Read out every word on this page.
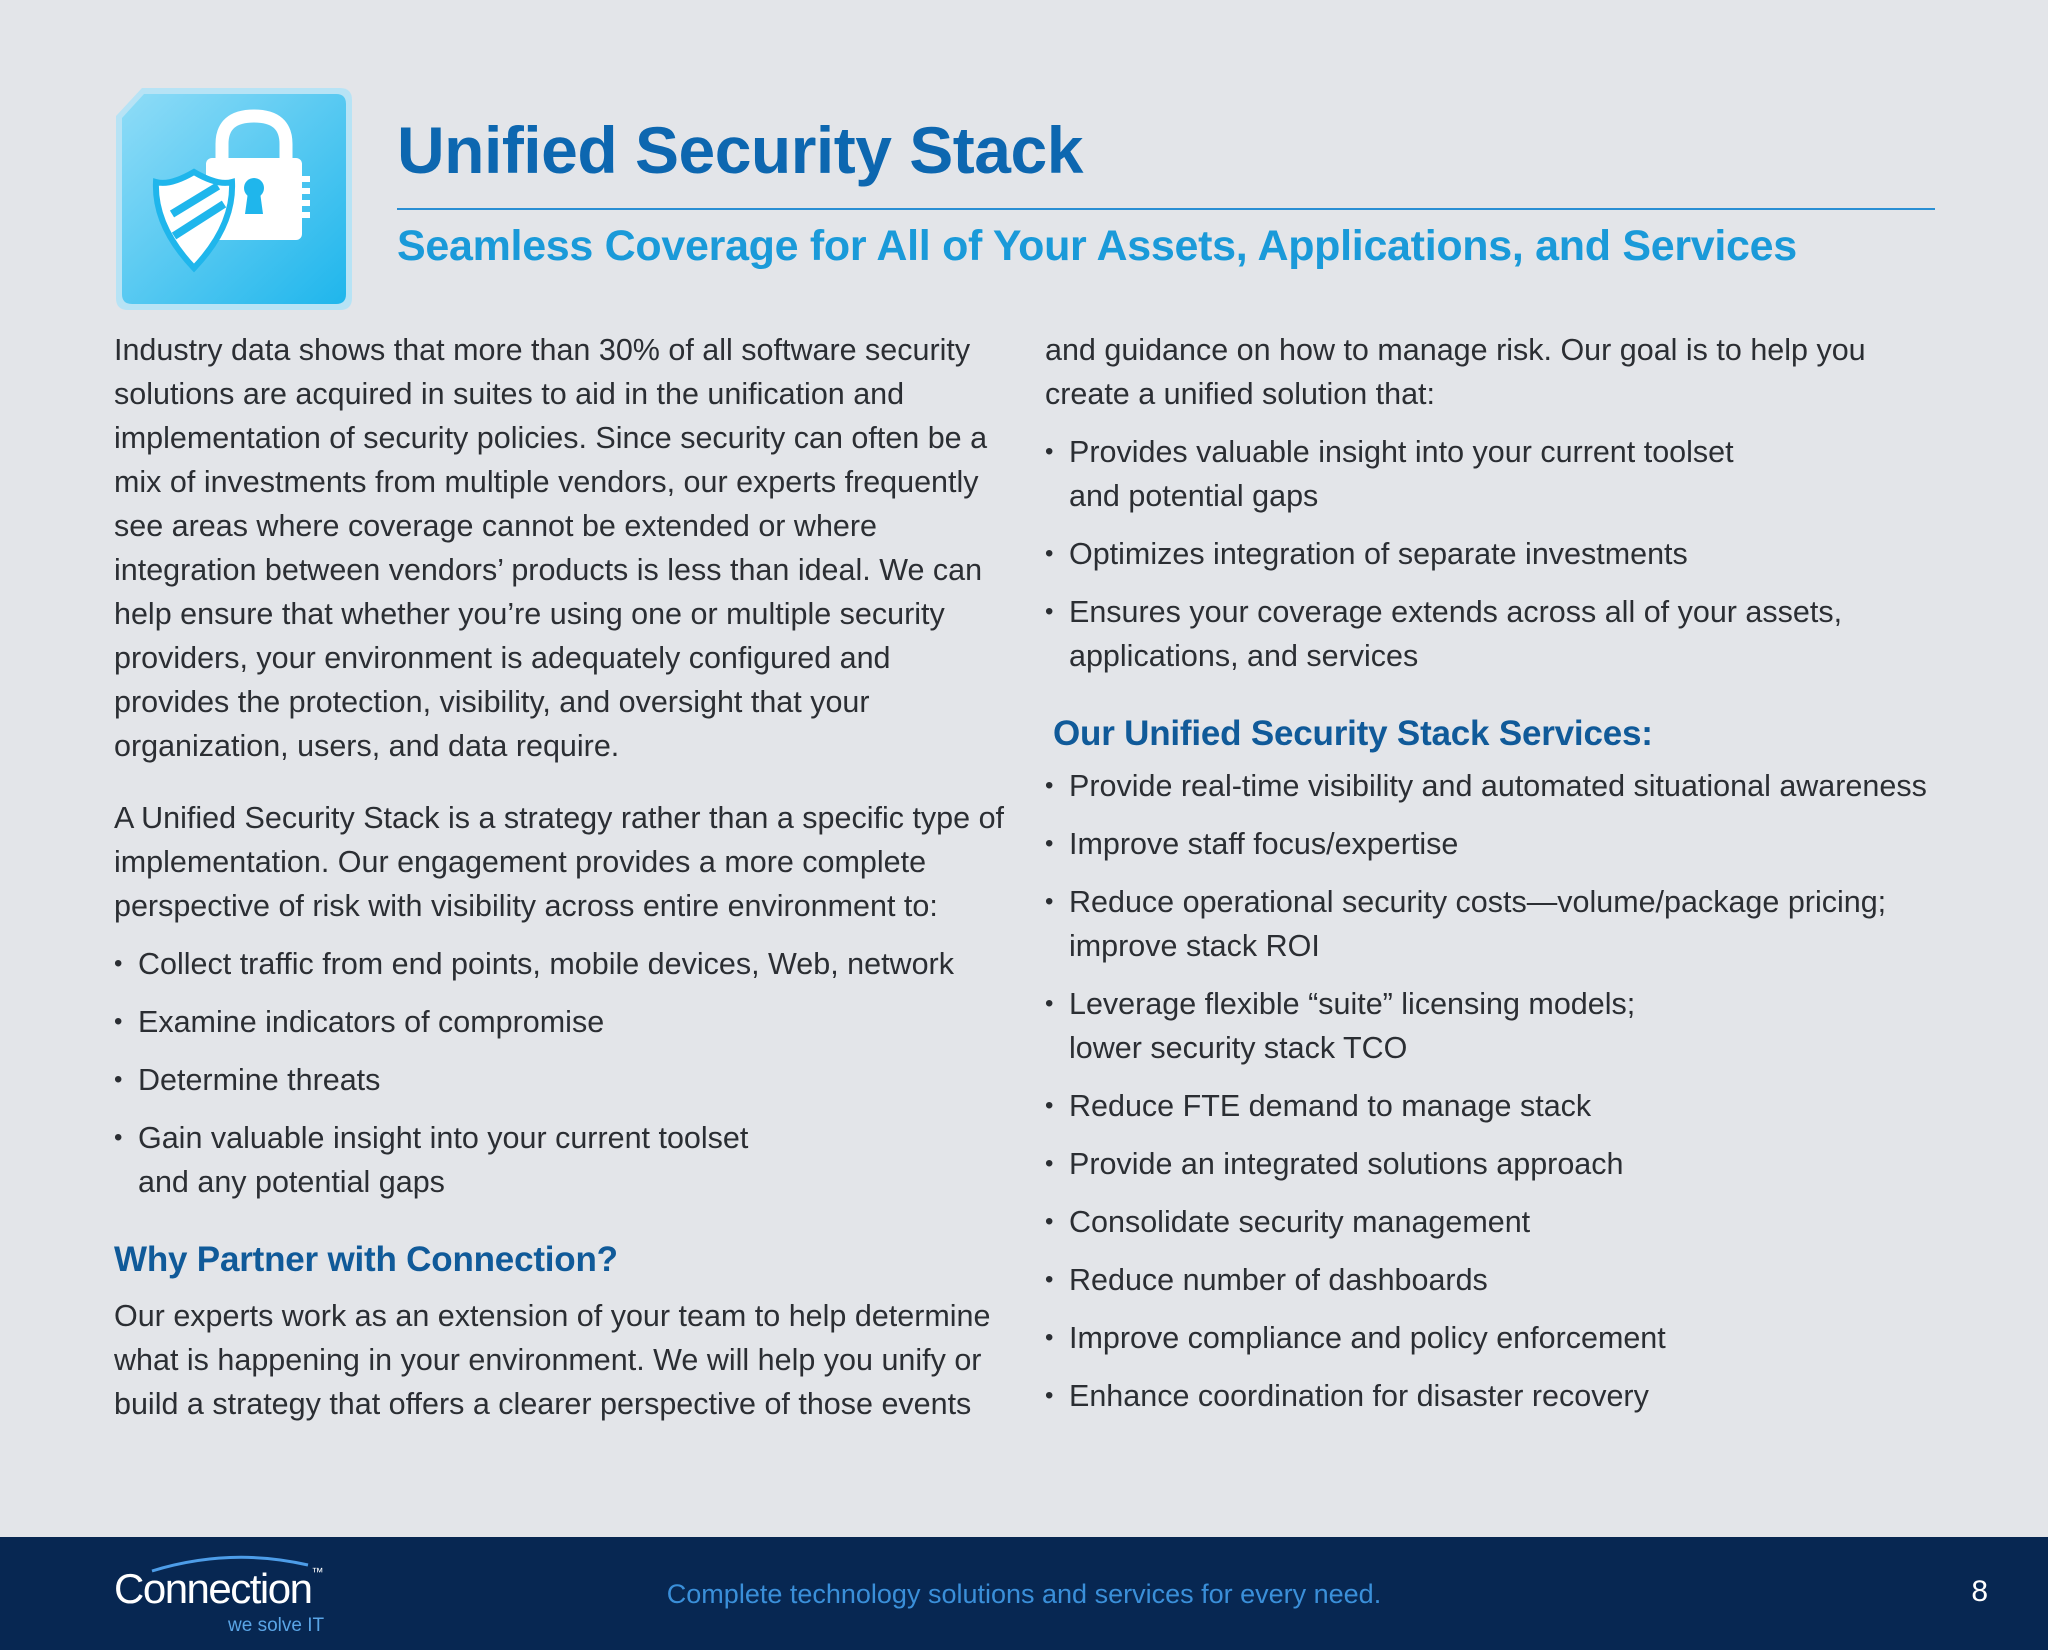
Unified Security Stack
Seamless Coverage for All of Your Assets, Applications, and Services

Industry data shows that more than 30% of all software security solutions are acquired in suites to aid in the unification and implementation of security policies. Since security can often be a mix of investments from multiple vendors, our experts frequently see areas where coverage cannot be extended or where integration between vendors’ products is less than ideal. We can help ensure that whether you’re using one or multiple security providers, your environment is adequately configured and provides the protection, visibility, and oversight that your organization, users, and data require.

A Unified Security Stack is a strategy rather than a specific type of implementation. Our engagement provides a more complete perspective of risk with visibility across entire environment to:

• Collect traffic from end points, mobile devices, Web, network
• Examine indicators of compromise
• Determine threats
• Gain valuable insight into your current toolset and any potential gaps
Why Partner with Connection?

Our experts work as an extension of your team to help determine what is happening in your environment. We will help you unify or build a strategy that offers a clearer perspective of those events

and guidance on how to manage risk. Our goal is to help you create a unified solution that:

• Provides valuable insight into your current toolset and potential gaps
• Optimizes integration of separate investments
• Ensures your coverage extends across all of your assets, applications, and services
Our Unified Security Stack Services:
• Provide real-time visibility and automated situational awareness
• Improve staff focus/expertise
• Reduce operational security costs—volume/package pricing; improve stack ROI
• Leverage flexible “suite” licensing models; lower security stack TCO
• Reduce FTE demand to manage stack
• Provide an integrated solutions approach
• Consolidate security management
• Reduce number of dashboards
• Improve compliance and policy enforcement
• Enhance coordination for disaster recovery
Connection™
we solve IT
Complete technology solutions and services for every need.	8
